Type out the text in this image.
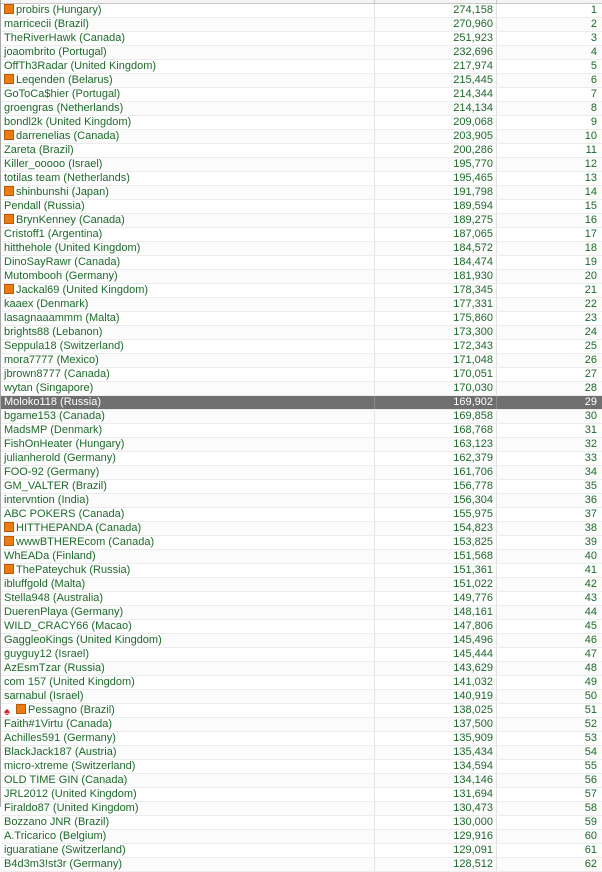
probirs (Hungary)	274,158	1
marricecii (Brazil)	270,960	2
TheRiverHawk (Canada)	251,923	3
joaombrito (Portugal)	232,696	4
OffTh3Radar (United Kingdom)	217,974	5
Leqenden (Belarus)	215,445	6
GoToCa$hier (Portugal)	214,344	7
groengras (Netherlands)	214,134	8
bondl2k (United Kingdom)	209,068	9
darrenelias (Canada)	203,905	10
Zareta (Brazil)	200,286	11
Killer_ooooo (Israel)	195,770	12
totilas team (Netherlands)	195,465	13
shinbunshi (Japan)	191,798	14
Pendall (Russia)	189,594	15
BrynKenney (Canada)	189,275	16
Cristoff1 (Argentina)	187,065	17
hitthehole (United Kingdom)	184,572	18
DinoSayRawr (Canada)	184,474	19
Mutombooh (Germany)	181,930	20
Jackal69 (United Kingdom)	178,345	21
kaaex (Denmark)	177,331	22
lasagnaaammm (Malta)	175,860	23
brights88 (Lebanon)	173,300	24
Seppula18 (Switzerland)	172,343	25
mora7777 (Mexico)	171,048	26
jbrown8777 (Canada)	170,051	27
wytan (Singapore)	170,030	28
Moloko118 (Russia)	169,902	29
bgame153 (Canada)	169,858	30
MadsMP (Denmark)	168,768	31
FishOnHeater (Hungary)	163,123	32
julianherold (Germany)	162,379	33
FOO-92 (Germany)	161,706	34
GM_VALTER (Brazil)	156,778	35
intervntion (India)	156,304	36
ABC POKERS (Canada)	155,975	37
HITTHEPANDA (Canada)	154,823	38
wwwBTHEREcom (Canada)	153,825	39
WhEADa (Finland)	151,568	40
ThePateychuk (Russia)	151,361	41
ibluffgold (Malta)	151,022	42
Stella948 (Australia)	149,776	43
DuerenPlaya (Germany)	148,161	44
WILD_CRACY66 (Macao)	147,806	45
GaggleoKings (United Kingdom)	145,496	46
guyguy12 (Israel)	145,444	47
AzEsmTzar (Russia)	143,629	48
com 157 (United Kingdom)	141,032	49
sarnabul (Israel)	140,919	50
♠ Pessagno (Brazil)	138,025	51
Faith#1Virtu (Canada)	137,500	52
Achilles591 (Germany)	135,909	53
BlackJack187 (Austria)	135,434	54
micro-xtreme (Switzerland)	134,594	55
OLD TIME GIN (Canada)	134,146	56
JRL2012 (United Kingdom)	131,694	57
Firaldo87 (United Kingdom)	130,473	58
Bozzano JNR (Brazil)	130,000	59
A.Tricarico (Belgium)	129,916	60
iguaratiane (Switzerland)	129,091	61
B4d3m3!st3r (Germany)	128,512	62
